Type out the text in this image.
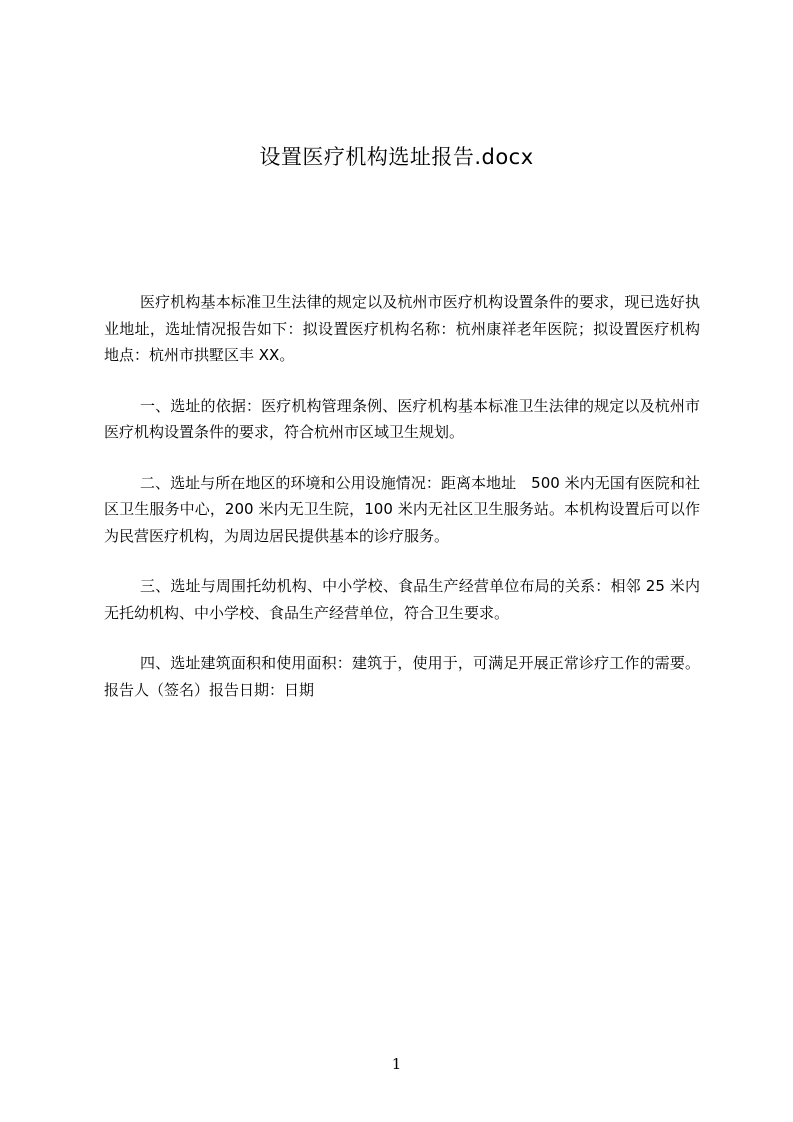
设置医疗机构选址报告.docx

医疗机构基本标准卫生法律的规定以及杭州市医疗机构设置条件的要求，现已选好执业地址，选址情况报告如下：拟设置医疗机构名称：杭州康祥老年医院；拟设置医疗机构地点：杭州市拱墅区丰 XX。

一、选址的依据：医疗机构管理条例、医疗机构基本标准卫生法律的规定以及杭州市医疗机构设置条件的要求，符合杭州市区域卫生规划。

二、选址与所在地区的环境和公用设施情况：距离本地址　500 米内无国有医院和社区卫生服务中心，200 米内无卫生院，100 米内无社区卫生服务站。本机构设置后可以作为民营医疗机构，为周边居民提供基本的诊疗服务。

三、选址与周围托幼机构、中小学校、食品生产经营单位布局的关系：相邻 25 米内无托幼机构、中小学校、食品生产经营单位，符合卫生要求。

四、选址建筑面积和使用面积：建筑于，使用于，可满足开展正常诊疗工作的需要。报告人（签名）报告日期：日期

1
